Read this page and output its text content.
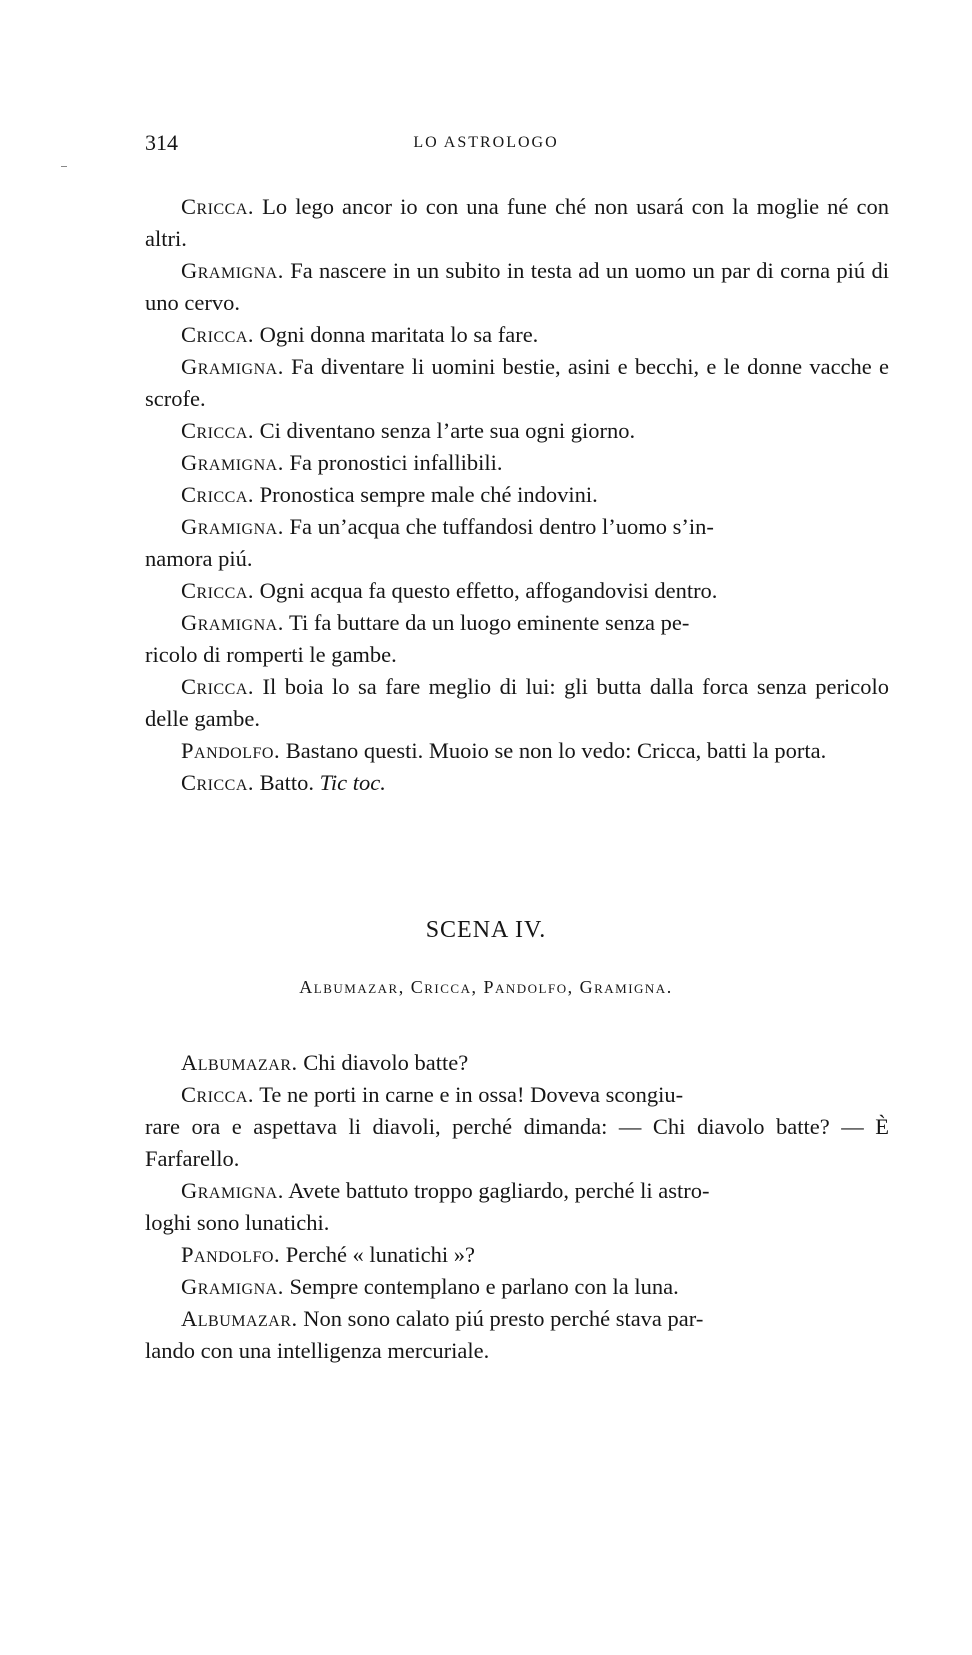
314	LO ASTROLOGO

Cricca. Lo lego ancor io con una fune ché non usará con la moglie né con altri.

Gramigna. Fa nascere in un subito in testa ad un uomo un par di corna piú di uno cervo.

Cricca. Ogni donna maritata lo sa fare.

Gramigna. Fa diventare li uomini bestie, asini e becchi, e le donne vacche e scrofe.

Cricca. Ci diventano senza l’arte sua ogni giorno.

Gramigna. Fa pronostici infallibili.

Cricca. Pronostica sempre male ché indovini.

Gramigna. Fa un’acqua che tuffandosi dentro l’uomo s’in-
namora piú.

Cricca. Ogni acqua fa questo effetto, affogandovisi dentro.

Gramigna. Ti fa buttare da un luogo eminente senza pe-
ricolo di romperti le gambe.

Cricca. Il boia lo sa fare meglio di lui: gli butta dalla forca senza pericolo delle gambe.

Pandolfo. Bastano questi. Muoio se non lo vedo: Cricca, batti la porta.

Cricca. Batto. Tic toc.

SCENA IV.
Albumazar, Cricca, Pandolfo, Gramigna.

Albumazar. Chi diavolo batte?

Cricca. Te ne porti in carne e in ossa! Doveva scongiu-
rare ora e aspettava li diavoli, perché dimanda: — Chi diavolo batte? — È Farfarello.

Gramigna. Avete battuto troppo gagliardo, perché li astro-
loghi sono lunatichi.

Pandolfo. Perché « lunatichi »?

Gramigna. Sempre contemplano e parlano con la luna.

Albumazar. Non sono calato piú presto perché stava par-
lando con una intelligenza mercuriale.
